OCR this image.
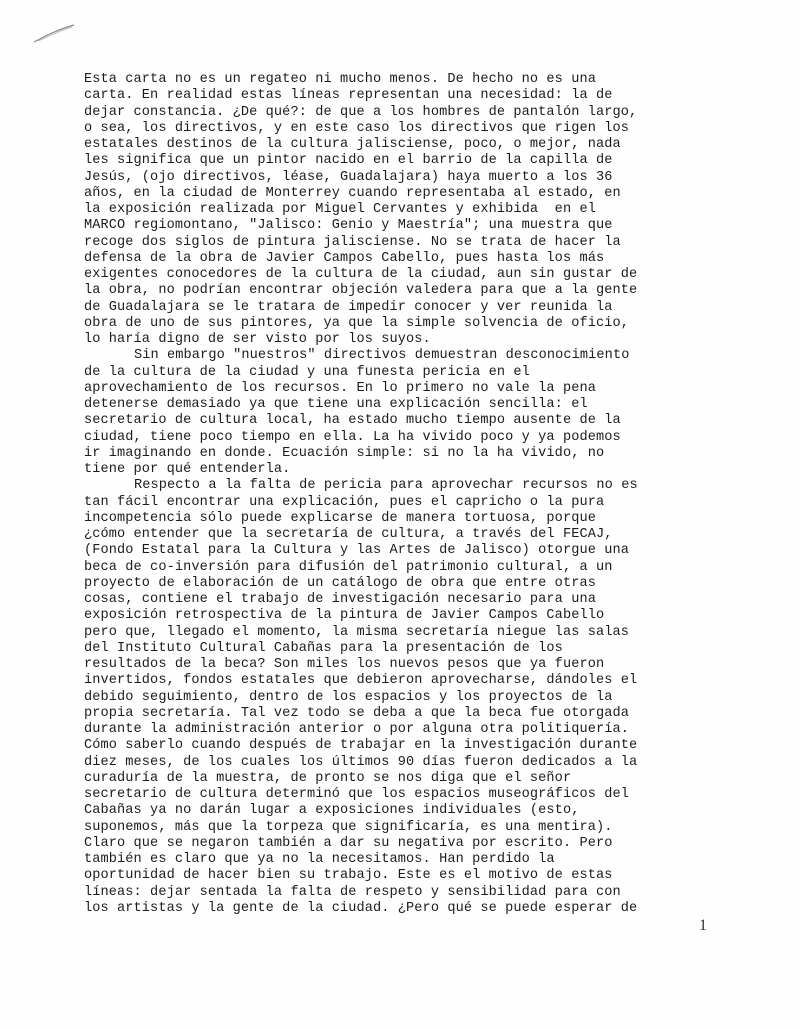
Esta carta no es un regateo ni mucho menos. De hecho no es una
carta. En realidad estas líneas representan una necesidad: la de
dejar constancia. ¿De qué?: de que a los hombres de pantalón largo,
o sea, los directivos, y en este caso los directivos que rigen los
estatales destinos de la cultura jalisciense, poco, o mejor, nada
les significa que un pintor nacido en el barrio de la capilla de
Jesús, (ojo directivos, léase, Guadalajara) haya muerto a los 36
años, en la ciudad de Monterrey cuando representaba al estado, en
la exposición realizada por Miguel Cervantes y exhibida  en el
MARCO regiomontano, "Jalisco: Genio y Maestría"; una muestra que
recoge dos siglos de pintura jalisciense. No se trata de hacer la
defensa de la obra de Javier Campos Cabello, pues hasta los más
exigentes conocedores de la cultura de la ciudad, aun sin gustar de
la obra, no podrían encontrar objeción valedera para que a la gente
de Guadalajara se le tratara de impedir conocer y ver reunida la
obra de uno de sus pintores, ya que la simple solvencia de oficio,
lo haría digno de ser visto por los suyos.
Sin embargo "nuestros" directivos demuestran desconocimiento
de la cultura de la ciudad y una funesta pericia en el
aprovechamiento de los recursos. En lo primero no vale la pena
detenerse demasiado ya que tiene una explicación sencilla: el
secretario de cultura local, ha estado mucho tiempo ausente de la
ciudad, tiene poco tiempo en ella. La ha vivido poco y ya podemos
ir imaginando en donde. Ecuación simple: si no la ha vivido, no
tiene por qué entenderla.
Respecto a la falta de pericia para aprovechar recursos no es
tan fácil encontrar una explicación, pues el capricho o la pura
incompetencia sólo puede explicarse de manera tortuosa, porque
¿cómo entender que la secretaría de cultura, a través del FECAJ,
(Fondo Estatal para la Cultura y las Artes de Jalisco) otorgue una
beca de co-inversión para difusión del patrimonio cultural, a un
proyecto de elaboración de un catálogo de obra que entre otras
cosas, contiene el trabajo de investigación necesario para una
exposición retrospectiva de la pintura de Javier Campos Cabello
pero que, llegado el momento, la misma secretaría niegue las salas
del Instituto Cultural Cabañas para la presentación de los
resultados de la beca? Son miles los nuevos pesos que ya fueron
invertidos, fondos estatales que debieron aprovecharse, dándoles el
debido seguimiento, dentro de los espacios y los proyectos de la
propia secretaría. Tal vez todo se deba a que la beca fue otorgada
durante la administración anterior o por alguna otra politiquería.
Cómo saberlo cuando después de trabajar en la investigación durante
diez meses, de los cuales los últimos 90 días fueron dedicados a la
curaduría de la muestra, de pronto se nos diga que el señor
secretario de cultura determinó que los espacios museográficos del
Cabañas ya no darán lugar a exposiciones individuales (esto,
suponemos, más que la torpeza que significaría, es una mentira).
Claro que se negaron también a dar su negativa por escrito. Pero
también es claro que ya no la necesitamos. Han perdido la
oportunidad de hacer bien su trabajo. Este es el motivo de estas
líneas: dejar sentada la falta de respeto y sensibilidad para con
los artistas y la gente de la ciudad. ¿Pero qué se puede esperar de
1
